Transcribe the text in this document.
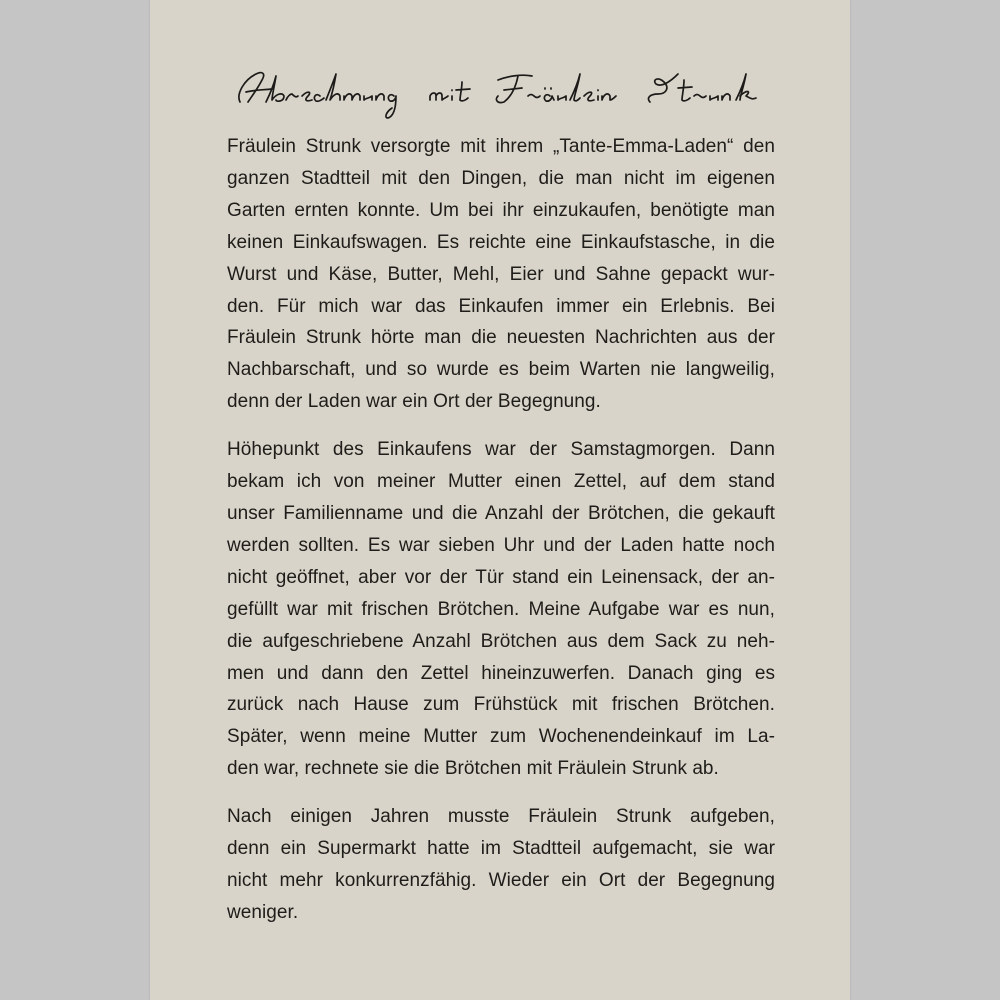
Fräulein Strunk versorgte mit ihrem „Tante-Emma-Laden“ den
ganzen Stadtteil mit den Dingen, die man nicht im eigenen
Garten ernten konnte. Um bei ihr einzukaufen, benötigte man
keinen Einkaufswagen. Es reichte eine Einkaufstasche, in die
Wurst und Käse, Butter, Mehl, Eier und Sahne gepackt wur-
den. Für mich war das Einkaufen immer ein Erlebnis. Bei
Fräulein Strunk hörte man die neuesten Nachrichten aus der
Nachbarschaft, und so wurde es beim Warten nie langweilig,
denn der Laden war ein Ort der Begegnung.

Höhepunkt des Einkaufens war der Samstagmorgen. Dann
bekam ich von meiner Mutter einen Zettel, auf dem stand
unser Familienname und die Anzahl der Brötchen, die gekauft
werden sollten. Es war sieben Uhr und der Laden hatte noch
nicht geöffnet, aber vor der Tür stand ein Leinensack, der an-
gefüllt war mit frischen Brötchen. Meine Aufgabe war es nun,
die aufgeschriebene Anzahl Brötchen aus dem Sack zu neh-
men und dann den Zettel hineinzuwerfen. Danach ging es
zurück nach Hause zum Frühstück mit frischen Brötchen.
Später, wenn meine Mutter zum Wochenendeinkauf im La-
den war, rechnete sie die Brötchen mit Fräulein Strunk ab.

Nach einigen Jahren musste Fräulein Strunk aufgeben,
denn ein Supermarkt hatte im Stadtteil aufgemacht, sie war
nicht mehr konkurrenzfähig. Wieder ein Ort der Begegnung
weniger.
